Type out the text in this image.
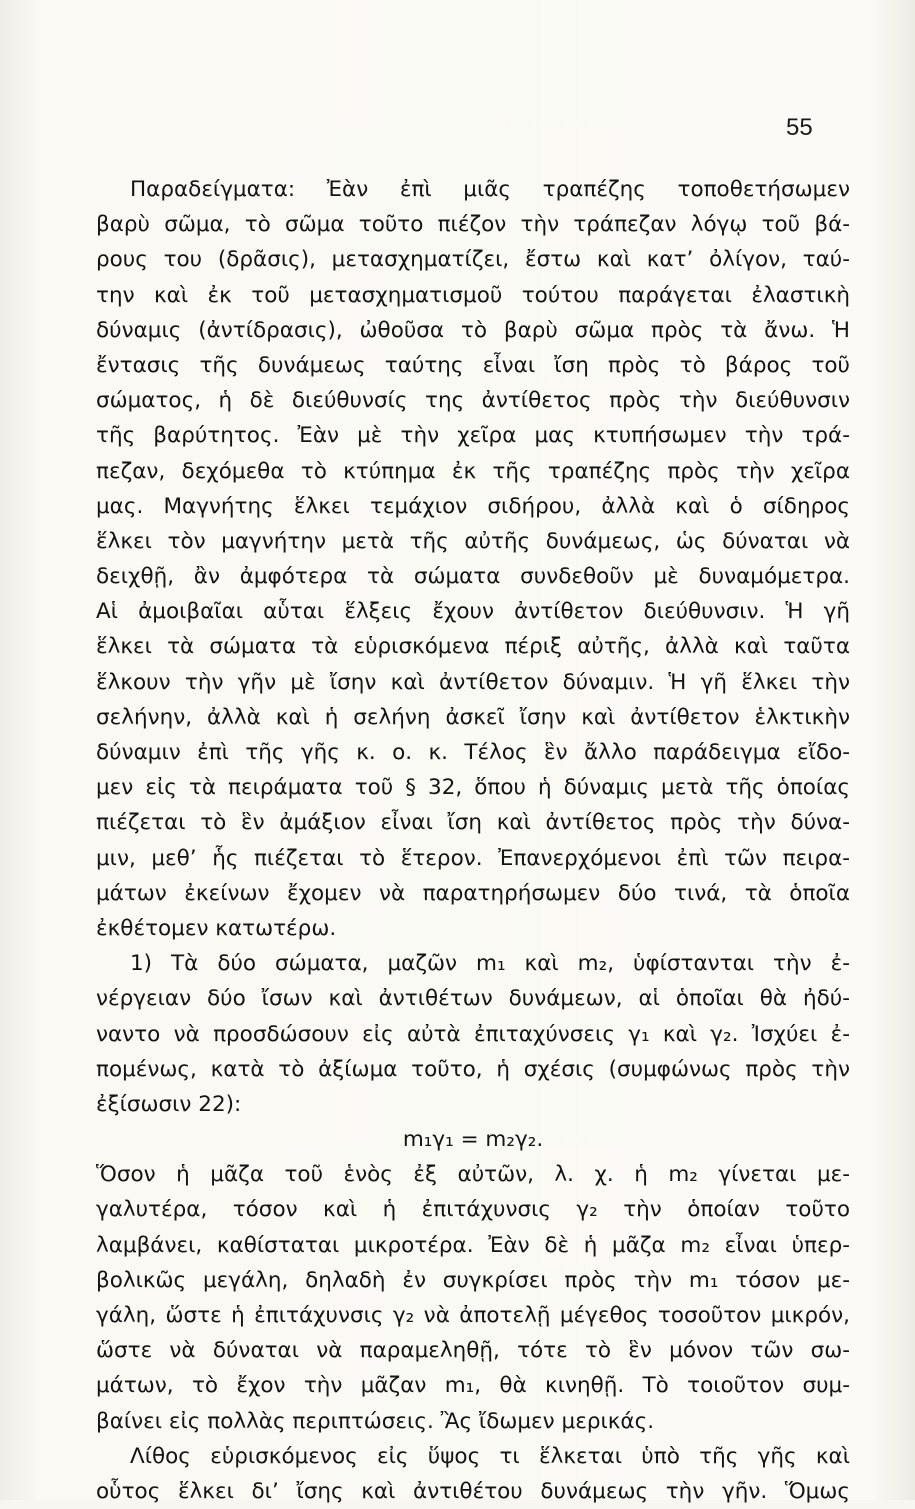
55
Παραδείγματα: Ἐὰν ἐπὶ μιᾶς τραπέζης τοποθετήσωμεν
βαρὺ σῶμα, τὸ σῶμα τοῦτο πιέζον τὴν τράπεζαν λόγῳ τοῦ βά-
ρους του (δρᾶσις), μετασχηματίζει, ἔστω καὶ κατ’ ὀλίγον, ταύ-
την καὶ ἐκ τοῦ μετασχηματισμοῦ τούτου παράγεται ἐλαστικὴ
δύναμις (ἀντίδρασις), ὠθοῦσα τὸ βαρὺ σῶμα πρὸς τὰ ἄνω. Ἡ
ἔντασις τῆς δυνάμεως ταύτης εἶναι ἴση πρὸς τὸ βάρος τοῦ
σώματος, ἡ δὲ διεύθυνσίς της ἀντίθετος πρὸς τὴν διεύθυνσιν
τῆς βαρύτητος. Ἐὰν μὲ τὴν χεῖρα μας κτυπήσωμεν τὴν τρά-
πεζαν, δεχόμεθα τὸ κτύπημα ἐκ τῆς τραπέζης πρὸς τὴν χεῖρα
μας. Μαγνήτης ἕλκει τεμάχιον σιδήρου, ἀλλὰ καὶ ὁ σίδηρος
ἕλκει τὸν μαγνήτην μετὰ τῆς αὐτῆς δυνάμεως, ὡς δύναται νὰ
δειχθῇ, ἂν ἀμφότερα τὰ σώματα συνδεθοῦν μὲ δυναμόμετρα.
Αἱ ἀμοιβαῖαι αὗται ἕλξεις ἔχουν ἀντίθετον διεύθυνσιν. Ἡ γῆ
ἕλκει τὰ σώματα τὰ εὑρισκόμενα πέριξ αὐτῆς, ἀλλὰ καὶ ταῦτα
ἕλκουν τὴν γῆν μὲ ἴσην καὶ ἀντίθετον δύναμιν. Ἡ γῆ ἕλκει τὴν
σελήνην, ἀλλὰ καὶ ἡ σελήνη ἀσκεῖ ἴσην καὶ ἀντίθετον ἑλκτικὴν
δύναμιν ἐπὶ τῆς γῆς κ. ο. κ. Τέλος ἓν ἄλλο παράδειγμα εἴδο-
μεν εἰς τὰ πειράματα τοῦ § 32, ὅπου ἡ δύναμις μετὰ τῆς ὁποίας
πιέζεται τὸ ἓν ἀμάξιον εἶναι ἴση καὶ ἀντίθετος πρὸς τὴν δύνα-
μιν, μεθ’ ἧς πιέζεται τὸ ἕτερον. Ἐπανερχόμενοι ἐπὶ τῶν πειρα-
μάτων ἐκείνων ἔχομεν νὰ παρατηρήσωμεν δύο τινά, τὰ ὁποῖα
ἐκθέτομεν κατωτέρω.
1) Τὰ δύο σώματα, μαζῶν m₁ καὶ m₂, ὑφίστανται τὴν ἐ-
νέργειαν δύο ἴσων καὶ ἀντιθέτων δυνάμεων, αἱ ὁποῖαι θὰ ἠδύ-
ναντο νὰ προσδώσουν εἰς αὐτὰ ἐπιταχύνσεις γ₁ καὶ γ₂. Ἰσχύει ἐ-
πομένως, κατὰ τὸ ἀξίωμα τοῦτο, ἡ σχέσις (συμφώνως πρὸς τὴν
ἐξίσωσιν 22):
m₁γ₁ = m₂γ₂.
Ὅσον ἡ μᾶζα τοῦ ἑνὸς ἐξ αὐτῶν, λ. χ. ἡ m₂ γίνεται με-
γαλυτέρα, τόσον καὶ ἡ ἐπιτάχυνσις γ₂ τὴν ὁποίαν τοῦτο
λαμβάνει, καθίσταται μικροτέρα. Ἐὰν δὲ ἡ μᾶζα m₂ εἶναι ὑπερ-
βολικῶς μεγάλη, δηλαδὴ ἐν συγκρίσει πρὸς τὴν m₁ τόσον με-
γάλη, ὥστε ἡ ἐπιτάχυνσις γ₂ νὰ ἀποτελῇ μέγεθος τοσοῦτον μικρόν,
ὥστε νὰ δύναται νὰ παραμεληθῇ, τότε τὸ ἓν μόνον τῶν σω-
μάτων, τὸ ἔχον τὴν μᾶζαν m₁, θὰ κινηθῇ. Τὸ τοιοῦτον συμ-
βαίνει εἰς πολλὰς περιπτώσεις. Ἂς ἴδωμεν μερικάς.
Λίθος εὑρισκόμενος εἰς ὕψος τι ἕλκεται ὑπὸ τῆς γῆς καὶ
οὗτος ἕλκει δι’ ἴσης καὶ ἀντιθέτου δυνάμεως τὴν γῆν. Ὅμως
